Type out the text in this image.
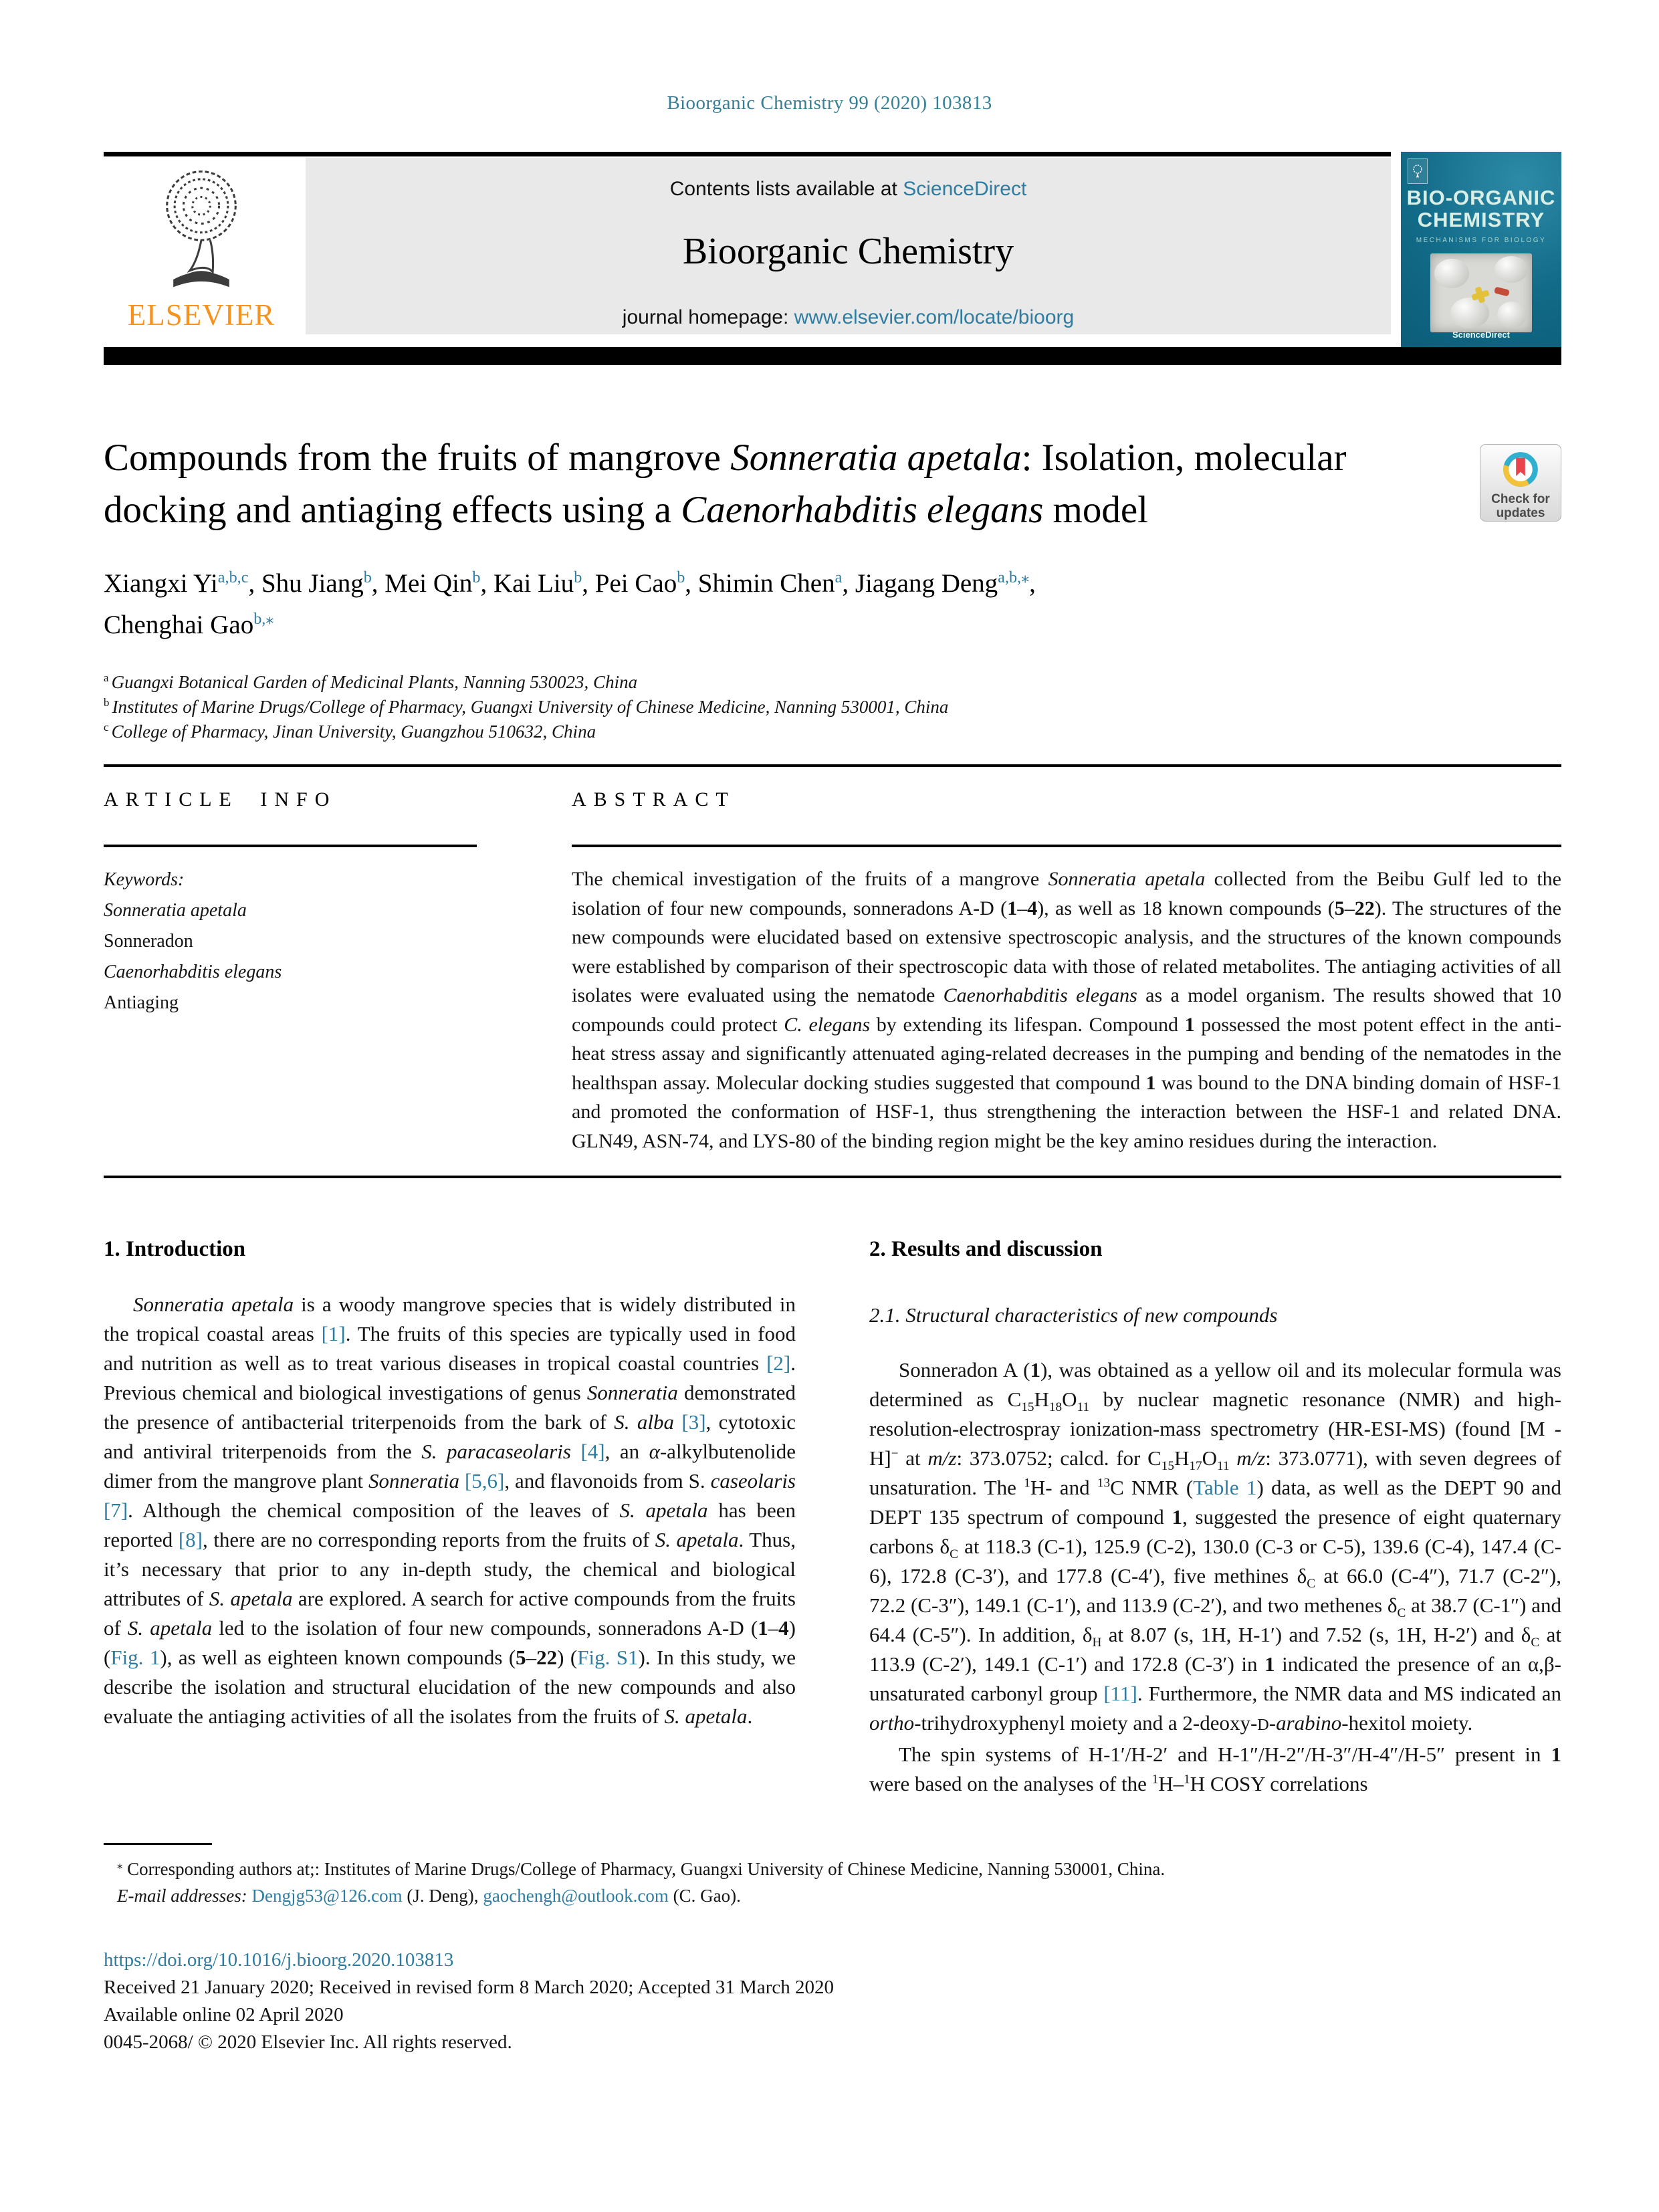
Bioorganic Chemistry 99 (2020) 103813
ELSEVIER
Contents lists available at ScienceDirect
Bioorganic Chemistry
journal homepage: www.elsevier.com/locate/bioorg
BIO-ORGANIC
CHEMISTRY
MECHANISMS FOR BIOLOGY
ScienceDirect
Compounds from the fruits of mangrove Sonneratia apetala: Isolation, molecular docking and antiaging effects using a Caenorhabditis elegans model	Check for
updates
Xiangxi Yi$^{a,b,c}$, Shu Jiang$^b$, Mei Qin$^b$, Kai Liu$^b$, Pei Cao$^b$, Shimin Chen$^a$, Jiagang Deng$^{a,b,⁎}$,
Chenghai Gao$^{b,⁎}$
$^a$ Guangxi Botanical Garden of Medicinal Plants, Nanning 530023, China
$^b$ Institutes of Marine Drugs/College of Pharmacy, Guangxi University of Chinese Medicine, Nanning 530001, China
$^c$ College of Pharmacy, Jinan University, Guangzhou 510632, China
ARTICLE INFO
Keywords:
Sonneratia apetala
Sonneradon
Caenorhabditis elegans
Antiaging
ABSTRACT
The chemical investigation of the fruits of a mangrove Sonneratia apetala collected from the Beibu Gulf led to the isolation of four new compounds, sonneradons A-D (1–4), as well as 18 known compounds (5–22). The structures of the new compounds were elucidated based on extensive spectroscopic analysis, and the structures of the known compounds were established by comparison of their spectroscopic data with those of related metabolites. The antiaging activities of all isolates were evaluated using the nematode Caenorhabditis elegans as a model organism. The results showed that 10 compounds could protect C. elegans by extending its lifespan. Compound 1 possessed the most potent effect in the anti-heat stress assay and significantly attenuated aging-related decreases in the pumping and bending of the nematodes in the healthspan assay. Molecular docking studies suggested that compound 1 was bound to the DNA binding domain of HSF-1 and promoted the conformation of HSF-1, thus strengthening the interaction between the HSF-1 and related DNA. GLN49, ASN-74, and LYS-80 of the binding region might be the key amino residues during the interaction.
1. Introduction
Sonneratia apetala is a woody mangrove species that is widely distributed in the tropical coastal areas [1]. The fruits of this species are typically used in food and nutrition as well as to treat various diseases in tropical coastal countries [2]. Previous chemical and biological investigations of genus Sonneratia demonstrated the presence of antibacterial triterpenoids from the bark of S. alba [3], cytotoxic and antiviral triterpenoids from the S. paracaseolaris [4], an α-alkylbutenolide dimer from the mangrove plant Sonneratia [5,6], and flavonoids from S. caseolaris [7]. Although the chemical composition of the leaves of S. apetala has been reported [8], there are no corresponding reports from the fruits of S. apetala. Thus, it’s necessary that prior to any in-depth study, the chemical and biological attributes of S. apetala are explored. A search for active compounds from the fruits of S. apetala led to the isolation of four new compounds, sonneradons A-D (1–4) (Fig. 1), as well as eighteen known compounds (5–22) (Fig. S1). In this study, we describe the isolation and structural elucidation of the new compounds and also evaluate the antiaging activities of all the isolates from the fruits of S. apetala.
2. Results and discussion
2.1. Structural characteristics of new compounds
Sonneradon A (1), was obtained as a yellow oil and its molecular formula was determined as $C_{15}H_{18}O_{11}$ by nuclear magnetic resonance (NMR) and high-resolution-electrospray ionization-mass spectrometry (HR-ESI-MS) (found [M - H]− at m/z: 373.0752; calcd. for $C_{15}H_{17}O_{11}$ m/z: 373.0771), with seven degrees of unsaturation. The $^1$H- and $^{13}$C NMR (Table 1) data, as well as the DEPT 90 and DEPT 135 spectrum of compound 1, suggested the presence of eight quaternary carbons $\delta_C$ at 118.3 (C-1), 125.9 (C-2), 130.0 (C-3 or C-5), 139.6 (C-4), 147.4 (C-6), 172.8 (C-3′), and 177.8 (C-4′), five methines $\delta_C$ at 66.0 (C-4″), 71.7 (C-2″), 72.2 (C-3″), 149.1 (C-1′), and 113.9 (C-2′), and two methenes $\delta_C$ at 38.7 (C-1″) and 64.4 (C-5″). In addition, $\delta_H$ at 8.07 (s, 1H, H-1′) and 7.52 (s, 1H, H-2′) and $\delta_C$ at 113.9 (C-2′), 149.1 (C-1′) and 172.8 (C-3′) in 1 indicated the presence of an α,β-unsaturated carbonyl group [11]. Furthermore, the NMR data and MS indicated an ortho-trihydroxyphenyl moiety and a 2-deoxy-D-arabino-hexitol moiety.
The spin systems of H-1′/H-2′ and H-1″/H-2″/H-3″/H-4″/H-5″ present in 1 were based on the analyses of the $^1$H–$^1$H COSY correlations
⁎ Corresponding authors at;: Institutes of Marine Drugs/College of Pharmacy, Guangxi University of Chinese Medicine, Nanning 530001, China.
E-mail addresses: Dengjg53@126.com (J. Deng), gaochengh@outlook.com (C. Gao).
https://doi.org/10.1016/j.bioorg.2020.103813
Received 21 January 2020; Received in revised form 8 March 2020; Accepted 31 March 2020
Available online 02 April 2020
0045-2068/ © 2020 Elsevier Inc. All rights reserved.
